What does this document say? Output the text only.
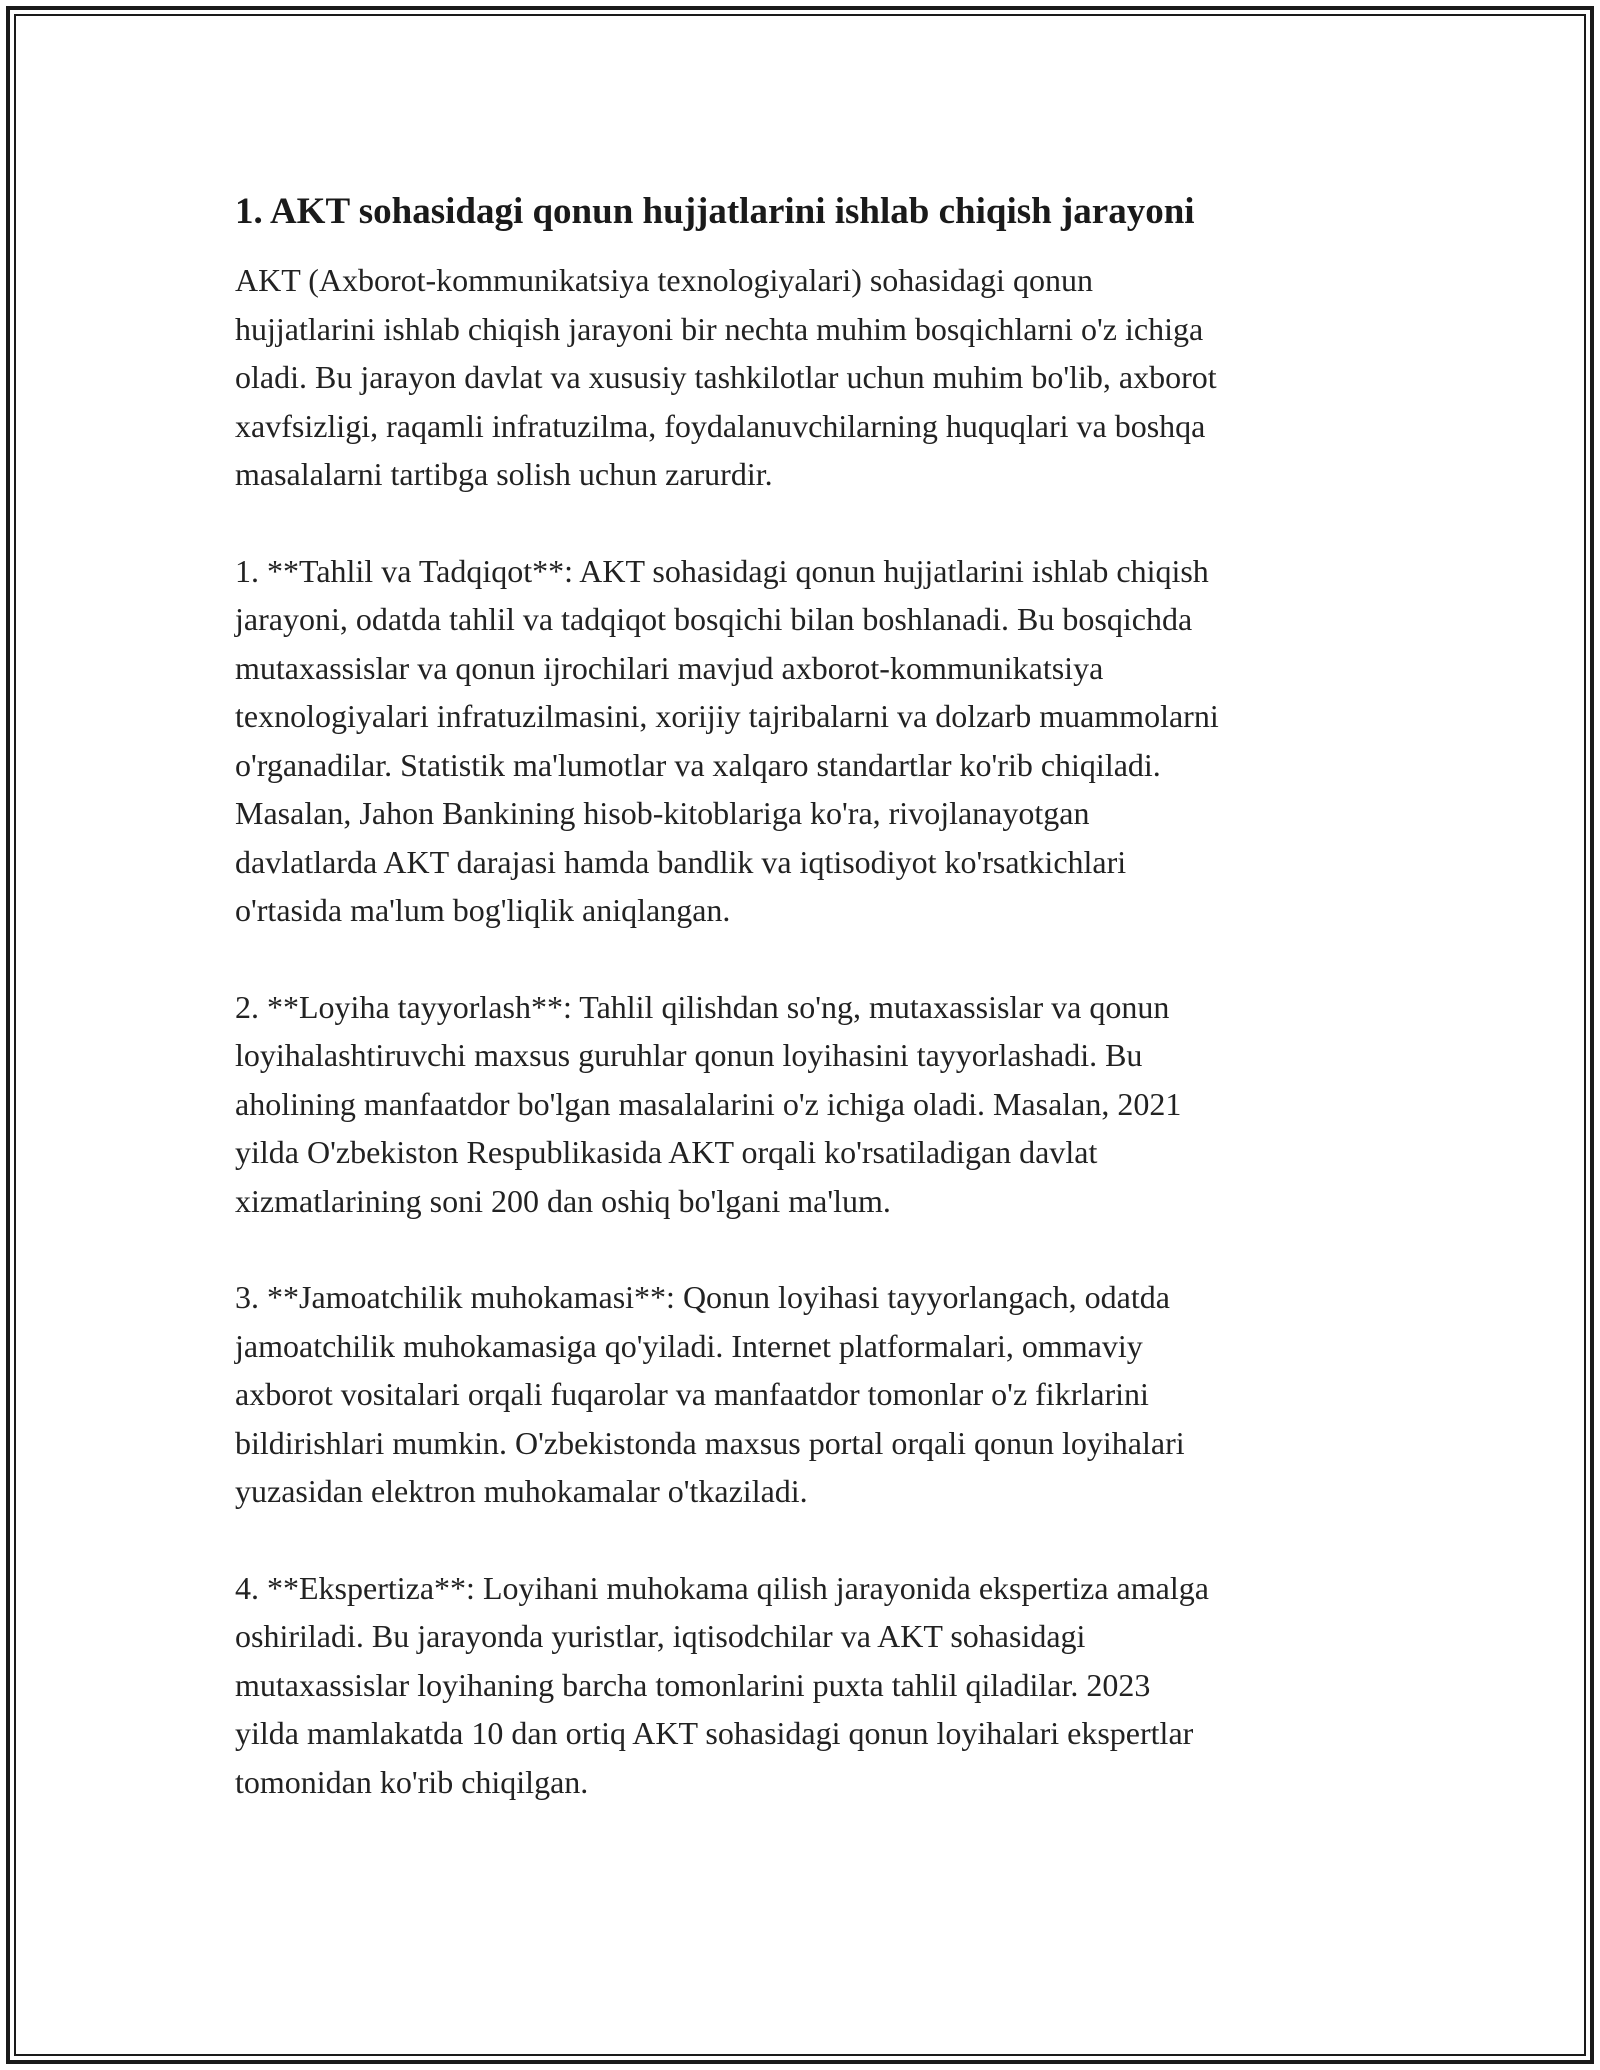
1. AKT sohasidagi qonun hujjatlarini ishlab chiqish jarayoni

AKT (Axborot-kommunikatsiya texnologiyalari) sohasidagi qonun
hujjatlarini ishlab chiqish jarayoni bir nechta muhim bosqichlarni o'z ichiga
oladi. Bu jarayon davlat va xususiy tashkilotlar uchun muhim bo'lib, axborot
xavfsizligi, raqamli infratuzilma, foydalanuvchilarning huquqlari va boshqa
masalalarni tartibga solish uchun zarurdir.

1. **Tahlil va Tadqiqot**: AKT sohasidagi qonun hujjatlarini ishlab chiqish
jarayoni, odatda tahlil va tadqiqot bosqichi bilan boshlanadi. Bu bosqichda
mutaxassislar va qonun ijrochilari mavjud axborot-kommunikatsiya
texnologiyalari infratuzilmasini, xorijiy tajribalarni va dolzarb muammolarni
o'rganadilar. Statistik ma'lumotlar va xalqaro standartlar ko'rib chiqiladi.
Masalan, Jahon Bankining hisob-kitoblariga ko'ra, rivojlanayotgan
davlatlarda AKT darajasi hamda bandlik va iqtisodiyot ko'rsatkichlari
o'rtasida ma'lum bog'liqlik aniqlangan.

2. **Loyiha tayyorlash**: Tahlil qilishdan so'ng, mutaxassislar va qonun
loyihalashtiruvchi maxsus guruhlar qonun loyihasini tayyorlashadi. Bu
aholining manfaatdor bo'lgan masalalarini o'z ichiga oladi. Masalan, 2021
yilda O'zbekiston Respublikasida AKT orqali ko'rsatiladigan davlat
xizmatlarining soni 200 dan oshiq bo'lgani ma'lum.

3. **Jamoatchilik muhokamasi**: Qonun loyihasi tayyorlangach, odatda
jamoatchilik muhokamasiga qo'yiladi. Internet platformalari, ommaviy
axborot vositalari orqali fuqarolar va manfaatdor tomonlar o'z fikrlarini
bildirishlari mumkin. O'zbekistonda maxsus portal orqali qonun loyihalari
yuzasidan elektron muhokamalar o'tkaziladi.

4. **Ekspertiza**: Loyihani muhokama qilish jarayonida ekspertiza amalga
oshiriladi. Bu jarayonda yuristlar, iqtisodchilar va AKT sohasidagi
mutaxassislar loyihaning barcha tomonlarini puxta tahlil qiladilar. 2023
yilda mamlakatda 10 dan ortiq AKT sohasidagi qonun loyihalari ekspertlar
tomonidan ko'rib chiqilgan.
